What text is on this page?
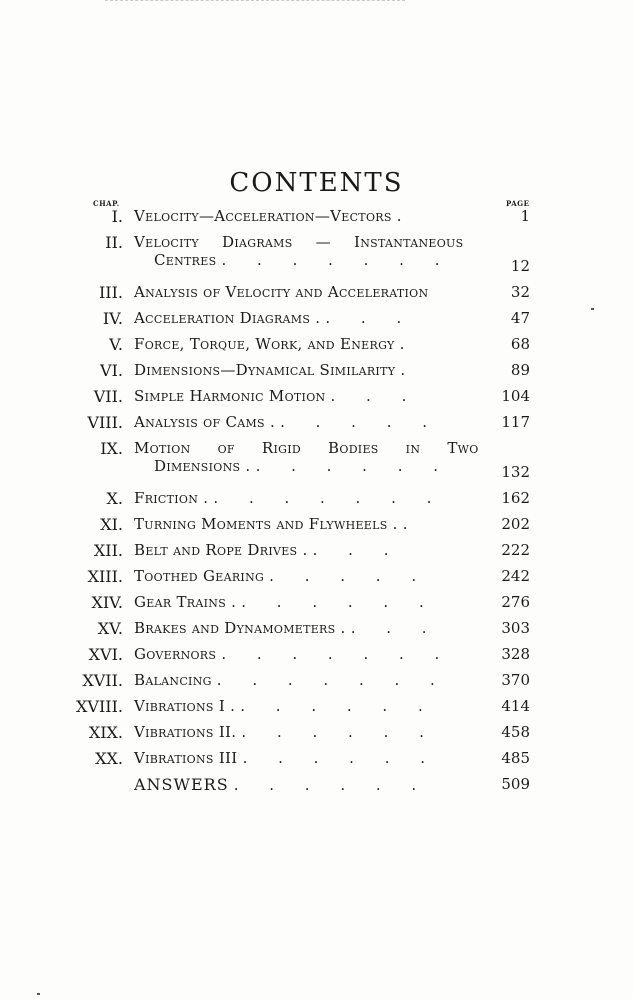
CONTENTS
CHAP.	PAGE
I. Velocity—Acceleration—Vectors .	1
II. Velocity Diagrams — Instantaneous
Centres . . . . . . .	12
III. Analysis of Velocity and Acceleration	32
IV. Acceleration Diagrams . . . .	47
V. Force, Torque, Work, and Energy .	68
VI. Dimensions—Dynamical Similarity .	89
VII. Simple Harmonic Motion . . .	104
VIII. Analysis of Cams . . . . . .	117
IX. Motion of Rigid Bodies in Two
Dimensions . . . . . . .	132
X. Friction . . . . . . . .	162
XI. Turning Moments and Flywheels . .	202
XII. Belt and Rope Drives . . . .	222
XIII. Toothed Gearing . . . . .	242
XIV. Gear Trains . . . . . . .	276
XV. Brakes and Dynamometers . . . .	303
XVI. Governors . . . . . . .	328
XVII. Balancing . . . . . . .	370
XVIII. Vibrations I . . . . . . .	414
XIX. Vibrations II. . . . . . .	458
XX. Vibrations III . . . . . .	485
ANSWERS . . . . . .	509
